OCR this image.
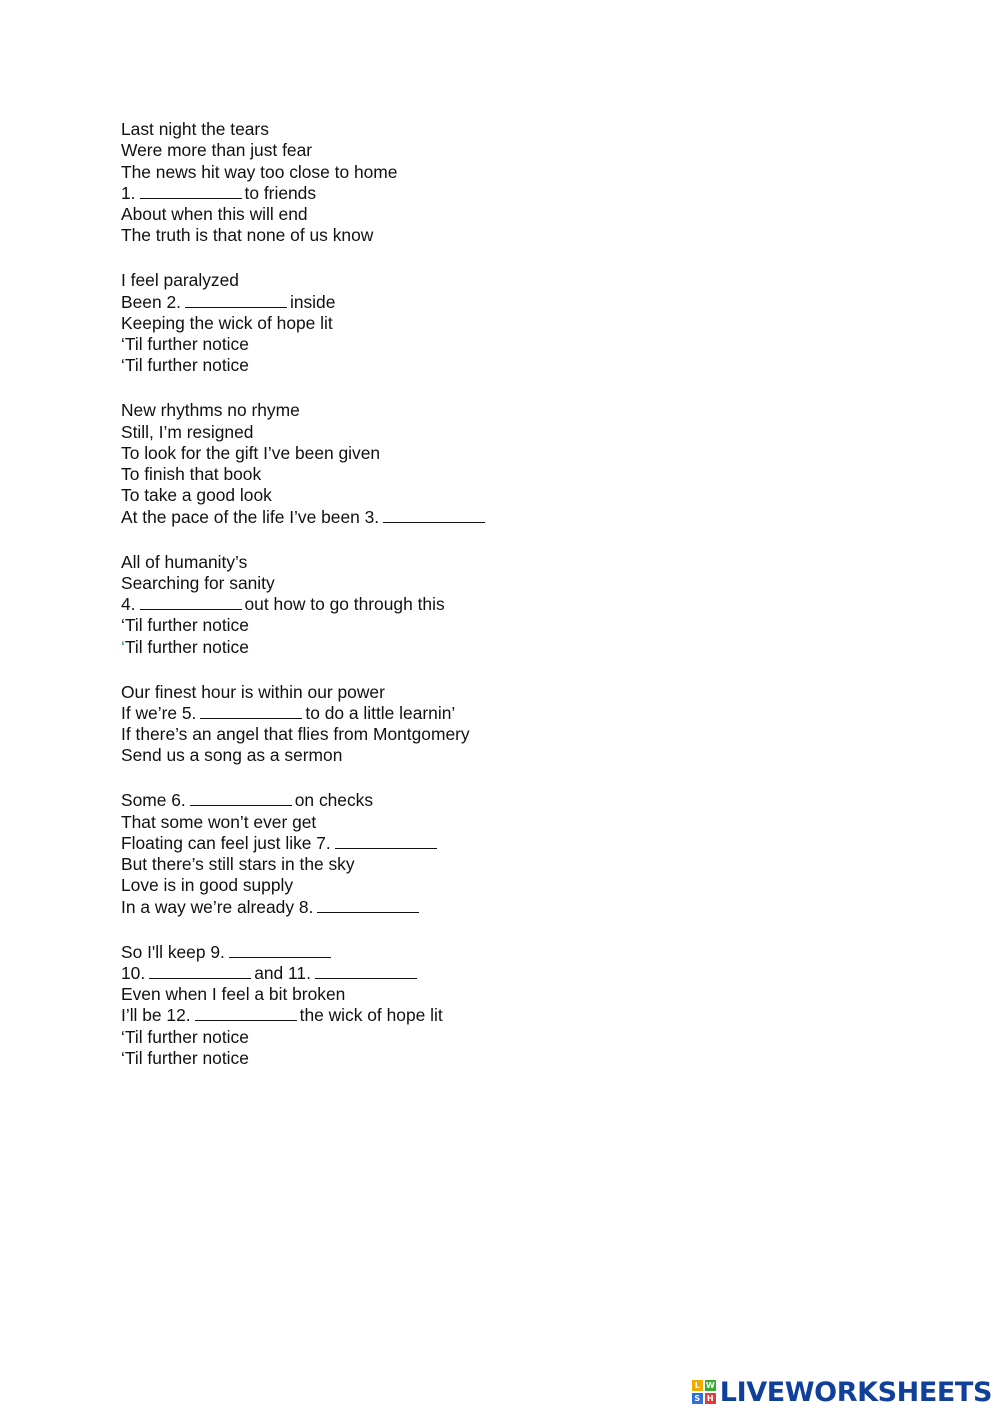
Last night the tears
Were more than just fear
The news hit way too close to home
1.	to friends
About when this will end
The truth is that none of us know
I feel paralyzed
Been 2.	inside
Keeping the wick of hope lit
‘Til further notice
‘Til further notice
New rhythms no rhyme
Still, I’m resigned
To look for the gift I’ve been given
To finish that book
To take a good look
At the pace of the life I’ve been 3.
All of humanity’s
Searching for sanity
4.	out how to go through this
‘Til further notice
‘Til further notice
Our finest hour is within our power
If we’re 5.	to do a little learnin’
If there’s an angel that flies from Montgomery
Send us a song as a sermon
Some 6.	on checks
That some won’t ever get
Floating can feel just like 7.
But there’s still stars in the sky
Love is in good supply
In a way we’re already 8.
So I'll keep 9.
10.	and 11.
Even when I feel a bit broken
I’ll be 12.	the wick of hope lit
‘Til further notice
‘Til further notice
L W
S H LIVEWORKSHEETS
